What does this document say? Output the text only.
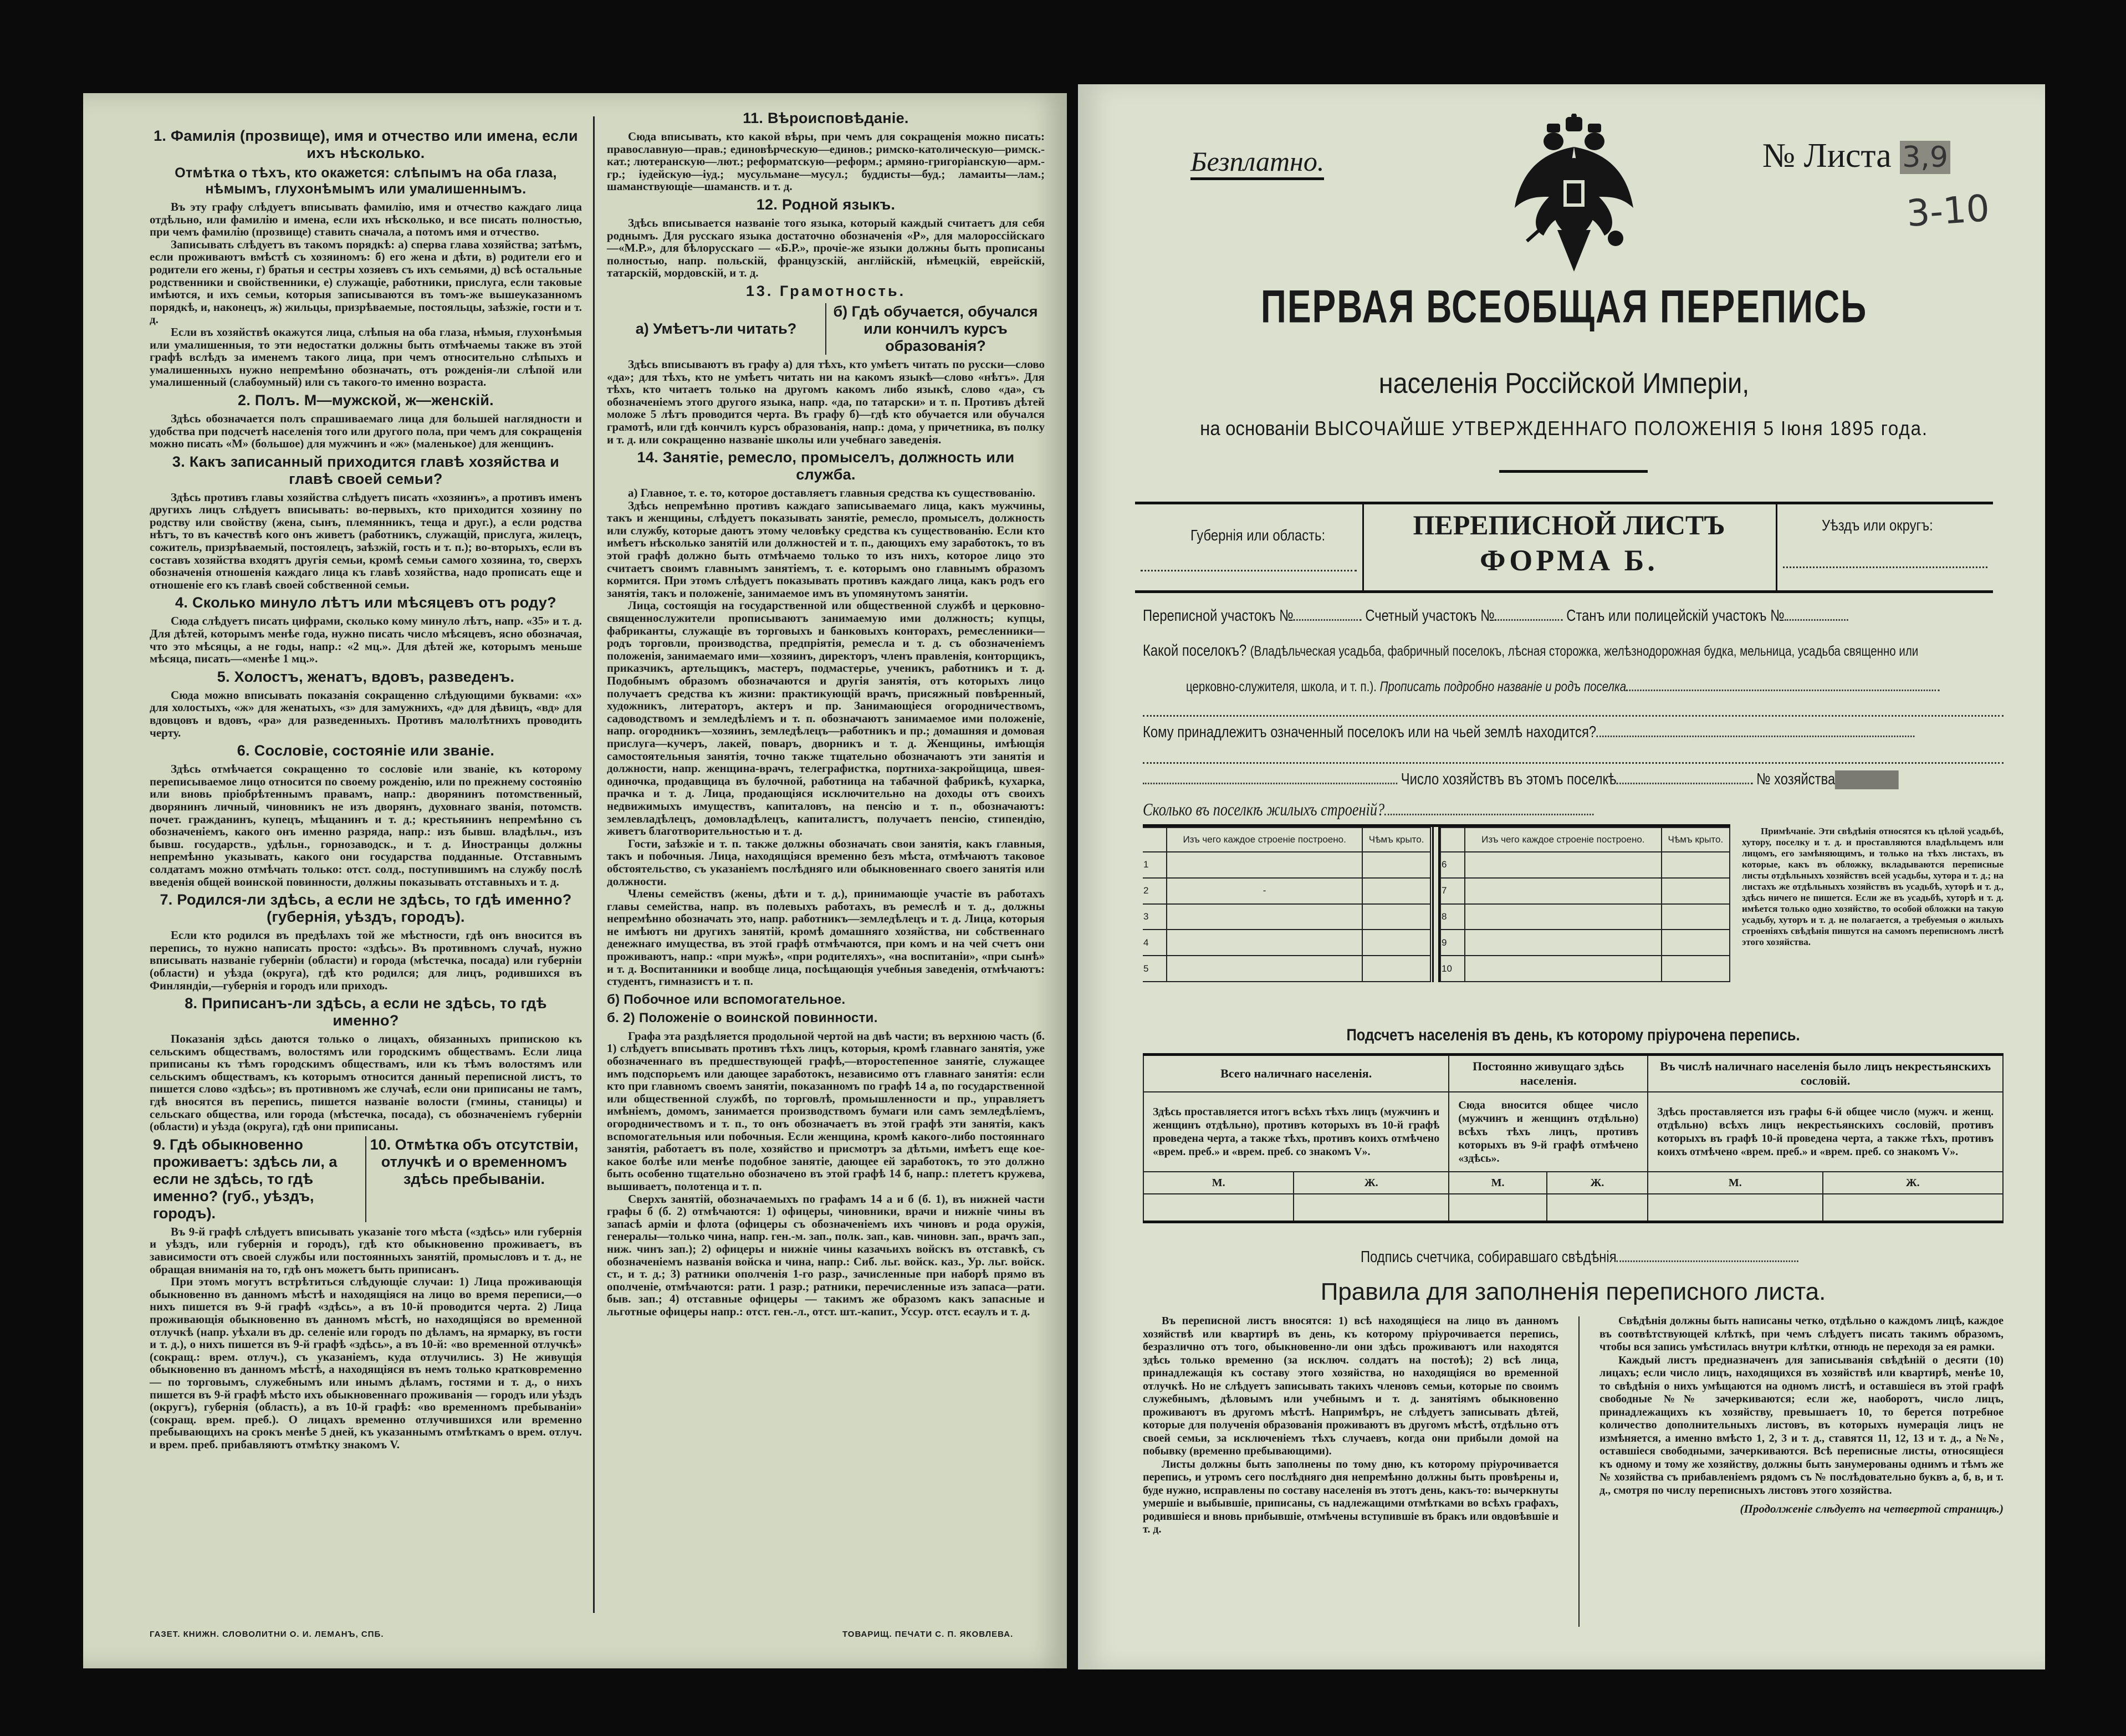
1. Фамилія (прозвище), имя и отчество или имена, если ихъ нѣсколько.
Отмѣтка о тѣхъ, кто окажется: слѣпымъ на оба глаза, нѣмымъ, глухонѣмымъ или умалишеннымъ.

Въ эту графу слѣдуетъ вписывать фамилію, имя и отчество каждаго лица отдѣльно, или фамилію и имена, если ихъ нѣсколько, и все писать полностью, при чемъ фамилію (прозвище) ставить сначала, а потомъ имя и отчество.

Записывать слѣдуетъ въ такомъ порядкѣ: а) сперва глава хозяйства; затѣмъ, если проживаютъ вмѣстѣ съ хозяиномъ: б) его жена и дѣти, в) родители его и родители его жены, г) братья и сестры хозяевъ съ ихъ семьями, д) всѣ остальные родственники и свойственники, е) служащіе, работники, прислуга, если таковые имѣются, и ихъ семьи, которыя записываются въ томъ-же вышеуказанномъ порядкѣ, и, наконецъ, ж) жильцы, призрѣваемые, постояльцы, заѣзжіе, гости и т. д.

Если въ хозяйствѣ окажутся лица, слѣпыя на оба глаза, нѣмыя, глухонѣмыя или умалишенныя, то эти недостатки должны быть отмѣчаемы также въ этой графѣ вслѣдъ за именемъ такого лица, при чемъ относительно слѣпыхъ и умалишенныхъ нужно непремѣнно обозначать, отъ рожденія-ли слѣпой или умалишенный (слабоумный) или съ такого-то именно возраста.

2. Полъ. М—мужской, ж—женскій.

Здѣсь обозначается полъ спрашиваемаго лица для большей наглядности и удобства при подсчетѣ населенія того или другого пола, при чемъ для сокращенія можно писать «М» (большое) для мужчинъ и «ж» (маленькое) для женщинъ.

3. Какъ записанный приходится главѣ хозяйства и главѣ своей семьи?

Здѣсь противъ главы хозяйства слѣдуетъ писать «хозяинъ», а противъ именъ другихъ лицъ слѣдуетъ вписывать: во-первыхъ, кто приходится хозяину по родству или свойству (жена, сынъ, племянникъ, теща и друг.), а если родства нѣтъ, то въ качествѣ кого онъ живетъ (работникъ, служащій, прислуга, жилецъ, сожитель, призрѣваемый, постоялецъ, заѣзжій, гость и т. п.); во-вторыхъ, если въ составъ хозяйства входятъ другія семьи, кромѣ семьи самого хозяина, то, сверхъ обозначенія отношенія каждаго лица къ главѣ хозяйства, надо прописать еще и отношеніе его къ главѣ своей собственной семьи.

4. Сколько минуло лѣтъ или мѣсяцевъ отъ роду?

Сюда слѣдуетъ писать цифрами, сколько кому минуло лѣтъ, напр. «35» и т. д. Для дѣтей, которымъ менѣе года, нужно писать число мѣсяцевъ, ясно обозначая, что это мѣсяцы, а не годы, напр.: «2 мц.». Для дѣтей же, которымъ меньше мѣсяца, писать—«менѣе 1 мц.».

5. Холостъ, женатъ, вдовъ, разведенъ.

Сюда можно вписывать показанія сокращенно слѣдующими буквами: «х» для холостыхъ, «ж» для женатыхъ, «з» для замужнихъ, «д» для дѣвицъ, «вд» для вдовцовъ и вдовъ, «ра» для разведенныхъ. Противъ малолѣтнихъ проводить черту.

6. Сословіе, состояніе или званіе.

Здѣсь отмѣчается сокращенно то сословіе или званіе, къ которому переписываемое лицо относится по своему рожденію, или по прежнему состоянію или вновь пріобрѣтеннымъ правамъ, напр.: дворянинъ потомственный, дворянинъ личный, чиновникъ не изъ дворянъ, духовнаго званія, потомств. почет. гражданинъ, купецъ, мѣщанинъ и т. д.; крестьянинъ непремѣнно съ обозначеніемъ, какого онъ именно разряда, напр.: изъ бывш. владѣльч., изъ бывш. государств., удѣльн., горнозаводск., и т. д. Иностранцы должны непремѣнно указывать, какого они государства подданные. Отставнымъ солдатамъ можно отмѣчать только: отст. солд., поступившимъ на службу послѣ введенія общей воинской повинности, должны показывать отставныхъ и т. д.

7. Родился-ли здѣсь, а если не здѣсь, то гдѣ именно? (губернія, уѣздъ, городъ).

Если кто родился въ предѣлахъ той же мѣстности, гдѣ онъ вносится въ перепись, то нужно написать просто: «здѣсь». Въ противномъ случаѣ, нужно вписывать названіе губерніи (области) и города (мѣстечка, посада) или губерніи (области) и уѣзда (округа), гдѣ кто родился; для лицъ, родившихся въ Финляндіи,—губернія и городъ или приходъ.

8. Приписанъ-ли здѣсь, а если не здѣсь, то гдѣ именно?

Показанія здѣсь даются только о лицахъ, обязанныхъ припискою къ сельскимъ обществамъ, волостямъ или городскимъ обществамъ. Если лица приписаны къ тѣмъ городскимъ обществамъ, или къ тѣмъ волостямъ или сельскимъ обществамъ, къ которымъ относится данный переписной листъ, то пишется слово «здѣсь»; въ противномъ же случаѣ, если они приписаны не тамъ, гдѣ вносятся въ перепись, пишется названіе волости (гмины, станицы) и сельскаго общества, или города (мѣстечка, посада), съ обозначеніемъ губерніи (области) и уѣзда (округа), гдѣ они приписаны.

9. Гдѣ обыкновенно проживаетъ: здѣсь ли, а если не здѣсь, то гдѣ именно? (губ., уѣздъ, городъ).
10. Отмѣтка объ отсутствіи, отлучкѣ и о временномъ здѣсь пребываніи.

Въ 9-й графѣ слѣдуетъ вписывать указаніе того мѣста («здѣсь» или губернія и уѣздъ, или губернія и городъ), гдѣ кто обыкновенно проживаетъ, въ зависимости отъ своей службы или постоянныхъ занятій, промысловъ и т. д., не обращая вниманія на то, гдѣ онъ можетъ быть приписанъ.

При этомъ могутъ встрѣтиться слѣдующіе случаи: 1) Лица проживающія обыкновенно въ данномъ мѣстѣ и находящіяся на лицо во время переписи,—о нихъ пишется въ 9-й графѣ «здѣсь», а въ 10-й проводится черта. 2) Лица проживающія обыкновенно въ данномъ мѣстѣ, но находящіяся во временной отлучкѣ (напр. уѣхали въ др. селеніе или городъ по дѣламъ, на ярмарку, въ гости и т. д.), о нихъ пишется въ 9-й графѣ «здѣсь», а въ 10-й: «во временной отлучкѣ» (сокращ.: врем. отлуч.), съ указаніемъ, куда отлучились. 3) Не живущія обыкновенно въ данномъ мѣстѣ, а находящіяся въ немъ только кратковременно — по торговымъ, служебнымъ или инымъ дѣламъ, гостями и т. д., о нихъ пишется въ 9-й графѣ мѣсто ихъ обыкновеннаго проживанія — городъ или уѣздъ (округъ), губернія (область), а въ 10-й графѣ: «во временномъ пребываніи» (сокращ. врем. преб.). О лицахъ временно отлучившихся или временно пребывающихъ на срокъ менѣе 5 дней, къ указаннымъ отмѣткамъ о врем. отлуч. и врем. преб. прибавляютъ отмѣтку знакомъ V.

11. Вѣроисповѣданіе.

Сюда вписывать, кто какой вѣры, при чемъ для сокращенія можно писать: православную—прав.; единовѣрческую—единов.; римско-католическую—римск.-кат.; лютеранскую—лют.; реформатскую—реформ.; армяно-григоріанскую—арм.-гр.; іудейскую—іуд.; мусульмане—мусул.; буддисты—буд.; ламаиты—лам.; шаманствующіе—шаманств. и т. д.

12. Родной языкъ.

Здѣсь вписывается названіе того языка, который каждый считаетъ для себя роднымъ. Для русскаго языка достаточно обозначенія «Р», для малороссійскаго—«М.Р.», для бѣлорусскаго — «Б.Р.», прочіе-же языки должны быть прописаны полностью, напр. польскій, французскій, англійскій, нѣмецкій, еврейскій, татарскій, мордовскій, и т. д.

13. Грамотность.
а) Умѣетъ-ли читать?
б) Гдѣ обучается, обучался или кончилъ курсъ образованія?

Здѣсь вписываютъ въ графу а) для тѣхъ, кто умѣетъ читать по русски—слово «да»; для тѣхъ, кто не умѣетъ читать ни на какомъ языкѣ—слово «нѣтъ». Для тѣхъ, кто читаетъ только на другомъ какомъ либо языкѣ, слово «да», съ обозначеніемъ этого другого языка, напр. «да, по татарски» и т. п. Противъ дѣтей моложе 5 лѣтъ проводится черта. Въ графу б)—гдѣ кто обучается или обучался грамотѣ, или гдѣ кончилъ курсъ образованія, напр.: дома, у причетника, въ полку и т. д. или сокращенно названіе школы или учебнаго заведенія.

14. Занятіе, ремесло, промыселъ, должность или служба.

а) Главное, т. е. то, которое доставляетъ главныя средства къ существованію.

Здѣсь непремѣнно противъ каждаго записываемаго лица, какъ мужчины, такъ и женщины, слѣдуетъ показывать занятіе, ремесло, промыселъ, должность или службу, которые даютъ этому человѣку средства къ существованію. Если кто имѣетъ нѣсколько занятій или должностей и т. п., дающихъ ему заработокъ, то въ этой графѣ должно быть отмѣчаемо только то изъ нихъ, которое лицо это считаетъ своимъ главнымъ занятіемъ, т. е. которымъ оно главнымъ образомъ кормится. При этомъ слѣдуетъ показывать противъ каждаго лица, какъ родъ его занятія, такъ и положеніе, занимаемое имъ въ упомянутомъ занятіи.

Лица, состоящія на государственной или общественной службѣ и церковно-священнослужители прописываютъ занимаемую ими должность; купцы, фабриканты, служащіе въ торговыхъ и банковыхъ конторахъ, ремесленники—родъ торговли, производства, предпріятія, ремесла и т. д. съ обозначеніемъ положенія, занимаемаго ими—хозяинъ, директоръ, членъ правленія, конторщикъ, приказчикъ, артельщикъ, мастеръ, подмастерье, ученикъ, работникъ и т. д. Подобнымъ образомъ обозначаются и другія занятія, отъ которыхъ лицо получаетъ средства къ жизни: практикующій врачъ, присяжный повѣренный, художникъ, литераторъ, актеръ и пр. Занимающіеся огородничествомъ, садоводствомъ и земледѣліемъ и т. п. обозначаютъ занимаемое ими положеніе, напр. огородникъ—хозяинъ, земледѣлецъ—работникъ и пр.; домашняя и домовая прислуга—кучеръ, лакей, поваръ, дворникъ и т. д. Женщины, имѣющія самостоятельныя занятія, точно также тщательно обозначаютъ эти занятія и должности, напр. женщина-врачъ, телеграфистка, портниха-закройщица, швея-одиночка, продавщица въ булочной, работница на табачной фабрикѣ, кухарка, прачка и т. д. Лица, продающіяся исключительно на доходы отъ своихъ недвижимыхъ имуществъ, капиталовъ, на пенсію и т. п., обозначаютъ: землевладѣлецъ, домовладѣлецъ, капиталистъ, получаетъ пенсію, стипендію, живетъ благотворительностью и т. д.

Гости, заѣзжіе и т. п. также должны обозначать свои занятія, какъ главныя, такъ и побочныя. Лица, находящіяся временно безъ мѣста, отмѣчаютъ таковое обстоятельство, съ указаніемъ послѣдняго или обыкновеннаго своего занятія или должности.

Члены семействъ (жены, дѣти и т. д.), принимающіе участіе въ работахъ главы семейства, напр. въ полевыхъ работахъ, въ ремеслѣ и т. д., должны непремѣнно обозначать это, напр. работникъ—земледѣлецъ и т. д. Лица, которыя не имѣютъ ни другихъ занятій, кромѣ домашняго хозяйства, ни собственнаго денежнаго имущества, въ этой графѣ отмѣчаются, при комъ и на чей счетъ они проживаютъ, напр.: «при мужѣ», «при родителяхъ», «на воспитаніи», «при сынѣ» и т. д. Воспитанники и вообще лица, посѣщающія учебныя заведенія, отмѣчаютъ: студентъ, гимназистъ и т. п.

б) Побочное или вспомогательное.
б. 2) Положеніе о воинской повинности.

Графа эта раздѣляется продольной чертой на двѣ части; въ верхнюю часть (б. 1) слѣдуетъ вписывать противъ тѣхъ лицъ, которыя, кромѣ главнаго занятія, уже обозначеннаго въ предшествующей графѣ,—второстепенное занятіе, служащее имъ подспорьемъ или дающее заработокъ, независимо отъ главнаго занятія: если кто при главномъ своемъ занятіи, показанномъ по графѣ 14 а, по государственной или общественной службѣ, по торговлѣ, промышленности и пр., управляетъ имѣніемъ, домомъ, занимается производствомъ бумаги или самъ земледѣліемъ, огородничествомъ и т. п., то онъ обозначаетъ въ этой графѣ эти занятія, какъ вспомогательныя или побочныя. Если женщина, кромѣ какого-либо постояннаго занятія, работаетъ въ поле, хозяйство и присмотръ за дѣтьми, имѣетъ еще кое-какое болѣе или менѣе подобное занятіе, дающее ей заработокъ, то это должно быть особенно тщательно обозначено въ этой графѣ 14 б, напр.: плететъ кружева, вышиваетъ, полотенца и т. п.

Сверхъ занятій, обозначаемыхъ по графамъ 14 а и б (б. 1), въ нижней части графы б (б. 2) отмѣчаются: 1) офицеры, чиновники, врачи и нижніе чины въ запасѣ арміи и флота (офицеры съ обозначеніемъ ихъ чиновъ и рода оружія, генералы—только чина, напр. ген.-м. зап., полк. зап., кав. чиновн. зап., врачъ зап., ниж. чинъ зап.); 2) офицеры и нижніе чины казачьихъ войскъ въ отставкѣ, съ обозначеніемъ названія войска и чина, напр.: Сиб. льг. войск. каз., Ур. льг. войск. ст., и т. д.; 3) ратники ополченія 1-го разр., зачисленные при наборѣ прямо въ ополченіе, отмѣчаются: рати. 1 разр.; ратники, перечисленные изъ запаса—рати. быв. зап.; 4) отставные офицеры — такимъ же образомъ какъ запасные и льготные офицеры напр.: отст. ген.-л., отст. шт.-капит., Уссур. отст. есаулъ и т. д.

ГАЗЕТ. КНИЖН. СЛОВОЛИТНИ О. И. ЛЕМАНЪ, СПБ.	ТОВАРИЩ. ПЕЧАТИ С. П. ЯКОВЛЕВА.
Безплатно.	№ Листа 3,9
3-10
ПЕРВАЯ ВСЕОБЩАЯ ПЕРЕПИСЬ
населенія Россійской Имперіи,
на основаніи ВЫСОЧАЙШЕ УТВЕРЖДЕННАГО ПОЛОЖЕНІЯ 5 Іюня 1895 года.
Губернія или область:	ПЕРЕПИСНОЙ ЛИСТЪ
ФОРМА Б.
Уѣздъ или округъ:
Переписной участокъ №	Счетный участокъ №	Станъ или полицейскій участокъ №
Какой поселокъ? (Владѣльческая усадьба, фабричный поселокъ, лѣсная сторожка, желѣзнодорожная будка, мельница, усадьба священно или
церковно-служителя, школа, и т. п.). Прописать подробно названіе и родъ поселка
Кому принадлежитъ означенный поселокъ или на чьей землѣ находится?
Число хозяйствъ въ этомъ поселкѣ	№ хозяйства
Сколько въ поселкѣ жилыхъ строеній?
	Изъ чего каждое строеніе построено.	Чѣмъ крыто.
1		
2	-	
3		
4		
5		
	Изъ чего каждое строеніе построено.	Чѣмъ крыто.
6		
7		
8		
9		
10		

Примѣчаніе. Эти свѣдѣнія относятся къ цѣлой усадьбѣ, хутору, поселку и т. д. и проставляются владѣльцемъ или лицомъ, его замѣняющимъ, и только на тѣхъ листахъ, въ которые, какъ въ обложку, вкладываются переписные листы отдѣльныхъ хозяйствъ всей усадьбы, хутора и т. д.; на листахъ же отдѣльныхъ хозяйствъ въ усадьбѣ, хуторѣ и т. д., здѣсь ничего не пишется. Если же въ усадьбѣ, хуторѣ и т. д. имѣется только одно хозяйство, то особой обложки на такую усадьбу, хуторъ и т. д. не полагается, а требуемыя о жилыхъ строеніяхъ свѣдѣнія пишутся на самомъ переписномъ листѣ этого хозяйства.

Подсчетъ населенія въ день, къ которому пріурочена перепись.
Всего наличнаго населенія.		Постоянно живущаго здѣсь населенія.		Въ числѣ наличнаго населенія было лицъ некрестьянскихъ сословій.	
Здѣсь проставляется итогъ всѣхъ тѣхъ лицъ (мужчинъ и женщинъ отдѣльно), противъ которыхъ въ 10-й графѣ проведена черта, а также тѣхъ, противъ коихъ отмѣчено «врем. преб.» и «врем. преб. со знакомъ V».		Сюда вносится общее число (мужчинъ и женщинъ отдѣльно) всѣхъ тѣхъ лицъ, противъ которыхъ въ 9-й графѣ отмѣчено «здѣсь».		Здѣсь проставляется изъ графы 6-й общее число (мужч. и женщ. отдѣльно) всѣхъ лицъ некрестьянскихъ сословій, противъ которыхъ въ графѣ 10-й проведена черта, а также тѣхъ, противъ коихъ отмѣчено «врем. преб.» и «врем. преб. со знакомъ V».	
М.	Ж.	М.	Ж.	М.	Ж.

Подпись счетчика, собиравшаго свѣдѣнія
Правила для заполненія переписного листа.

Въ переписной листъ вносятся: 1) всѣ находящіеся на лицо въ данномъ хозяйствѣ или квартирѣ въ день, къ которому пріурочивается перепись, безразлично отъ того, обыкновенно-ли они здѣсь проживаютъ или находятся здѣсь только временно (за исключ. солдатъ на постоѣ); 2) всѣ лица, принадлежащія къ составу этого хозяйства, но находящіяся во временной отлучкѣ. Но не слѣдуетъ записывать такихъ членовъ семьи, которые по своимъ служебнымъ, дѣловымъ или учебнымъ и т. д. занятіямъ обыкновенно проживаютъ въ другомъ мѣстѣ. Напримѣръ, не слѣдуетъ записывать дѣтей, которые для полученія образованія проживаютъ въ другомъ мѣстѣ, отдѣльно отъ своей семьи, за исключеніемъ тѣхъ случаевъ, когда они прибыли домой на побывку (временно пребывающими).

Листы должны быть заполнены по тому дню, къ которому пріурочивается перепись, и утромъ сего послѣдняго дня непремѣнно должны быть провѣрены и, буде нужно, исправлены по составу населенія въ этотъ день, какъ-то: вычеркнуты умершіе и выбывшіе, приписаны, съ надлежащими отмѣтками во всѣхъ графахъ, родившіеся и вновь прибывшіе, отмѣчены вступившіе въ бракъ или овдовѣвшіе и т. д.

Свѣдѣнія должны быть написаны четко, отдѣльно о каждомъ лицѣ, каждое въ соотвѣтствующей клѣткѣ, при чемъ слѣдуетъ писать такимъ образомъ, чтобы вся запись умѣстилась внутри клѣтки, отнюдь не переходя за ея рамки.

Каждый листъ предназначенъ для записыванія свѣдѣній о десяти (10) лицахъ; если число лицъ, находящихся въ хозяйствѣ или квартирѣ, менѣе 10, то свѣдѣнія о нихъ умѣщаются на одномъ листѣ, и оставшіеся въ этой графѣ свободные №№ зачеркиваются; если же, наоборотъ, число лицъ, принадлежащихъ къ хозяйству, превышаетъ 10, то берется потребное количество дополнительныхъ листовъ, въ которыхъ нумерація лицъ не измѣняется, а именно вмѣсто 1, 2, 3 и т. д., ставятся 11, 12, 13 и т. д., а №№, оставшіеся свободными, зачеркиваются. Всѣ переписные листы, относящіеся къ одному и тому же хозяйству, должны быть занумерованы однимъ и тѣмъ же № хозяйства съ прибавленіемъ рядомъ съ № послѣдовательно буквъ а, б, в, и т. д., смотря по числу переписныхъ листовъ этого хозяйства.

(Продолженіе слѣдуетъ на четвертой страницѣ.)
